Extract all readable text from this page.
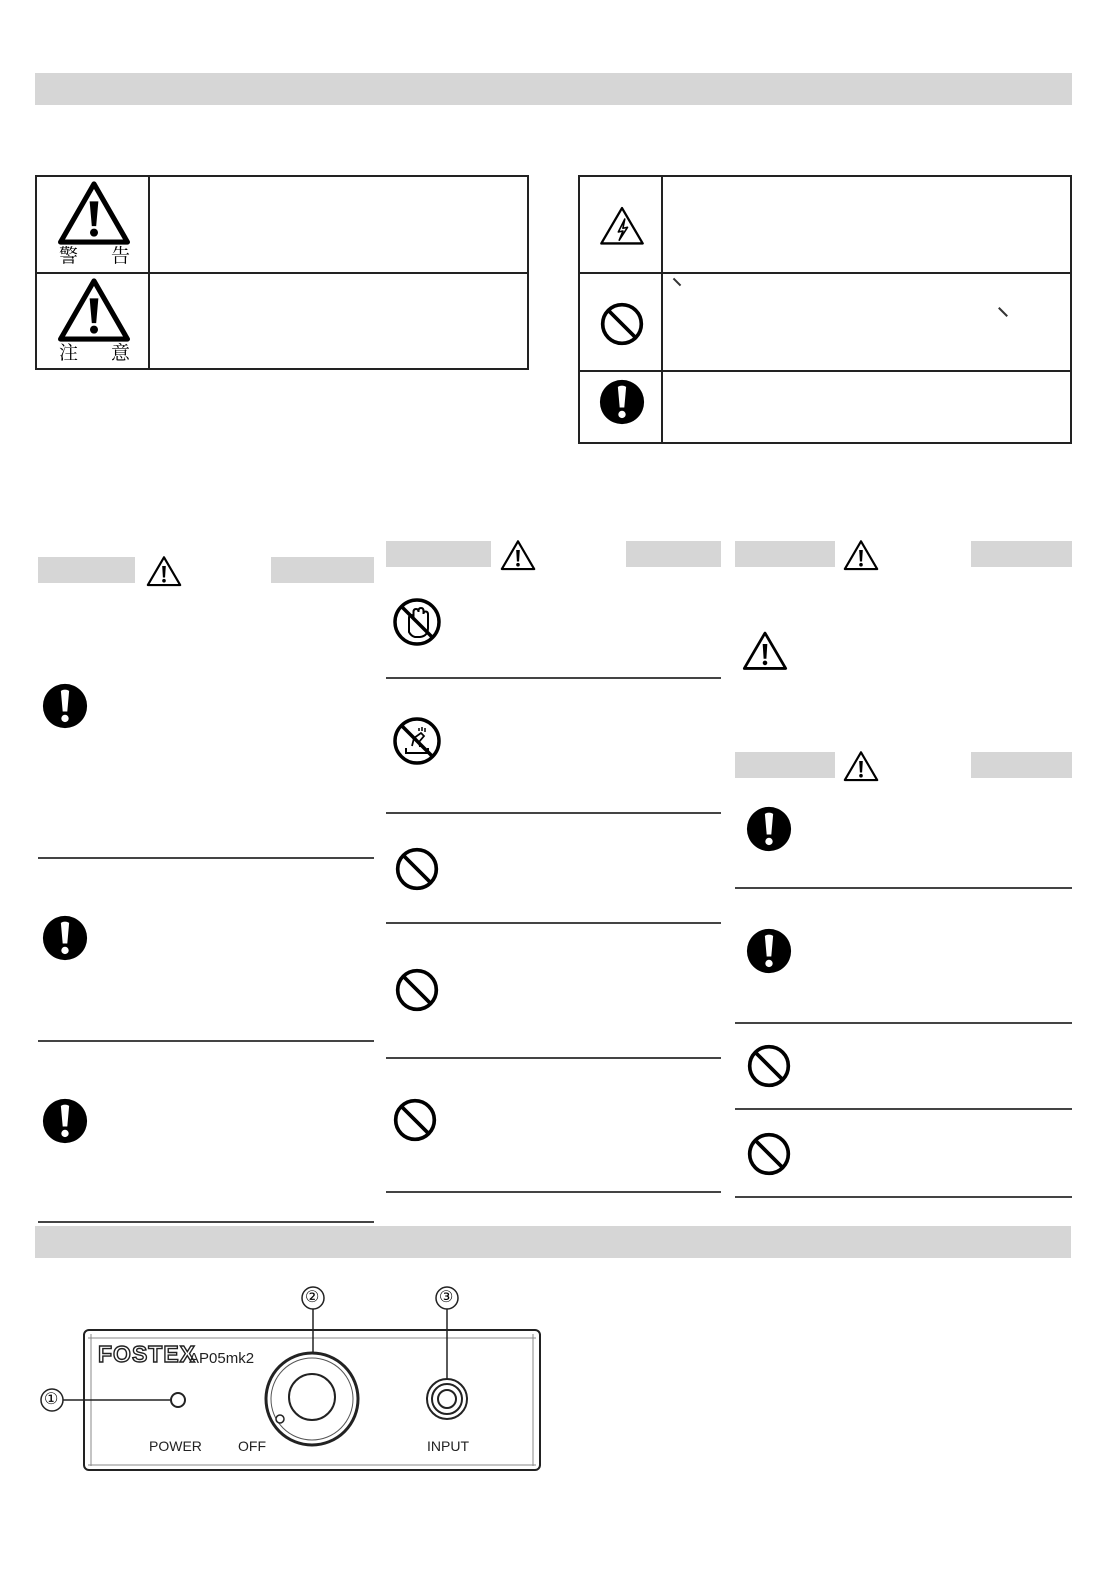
警 告
注 意
①
②	③
FOSTEX
AP05mk2
POWER	OFF	INPUT
